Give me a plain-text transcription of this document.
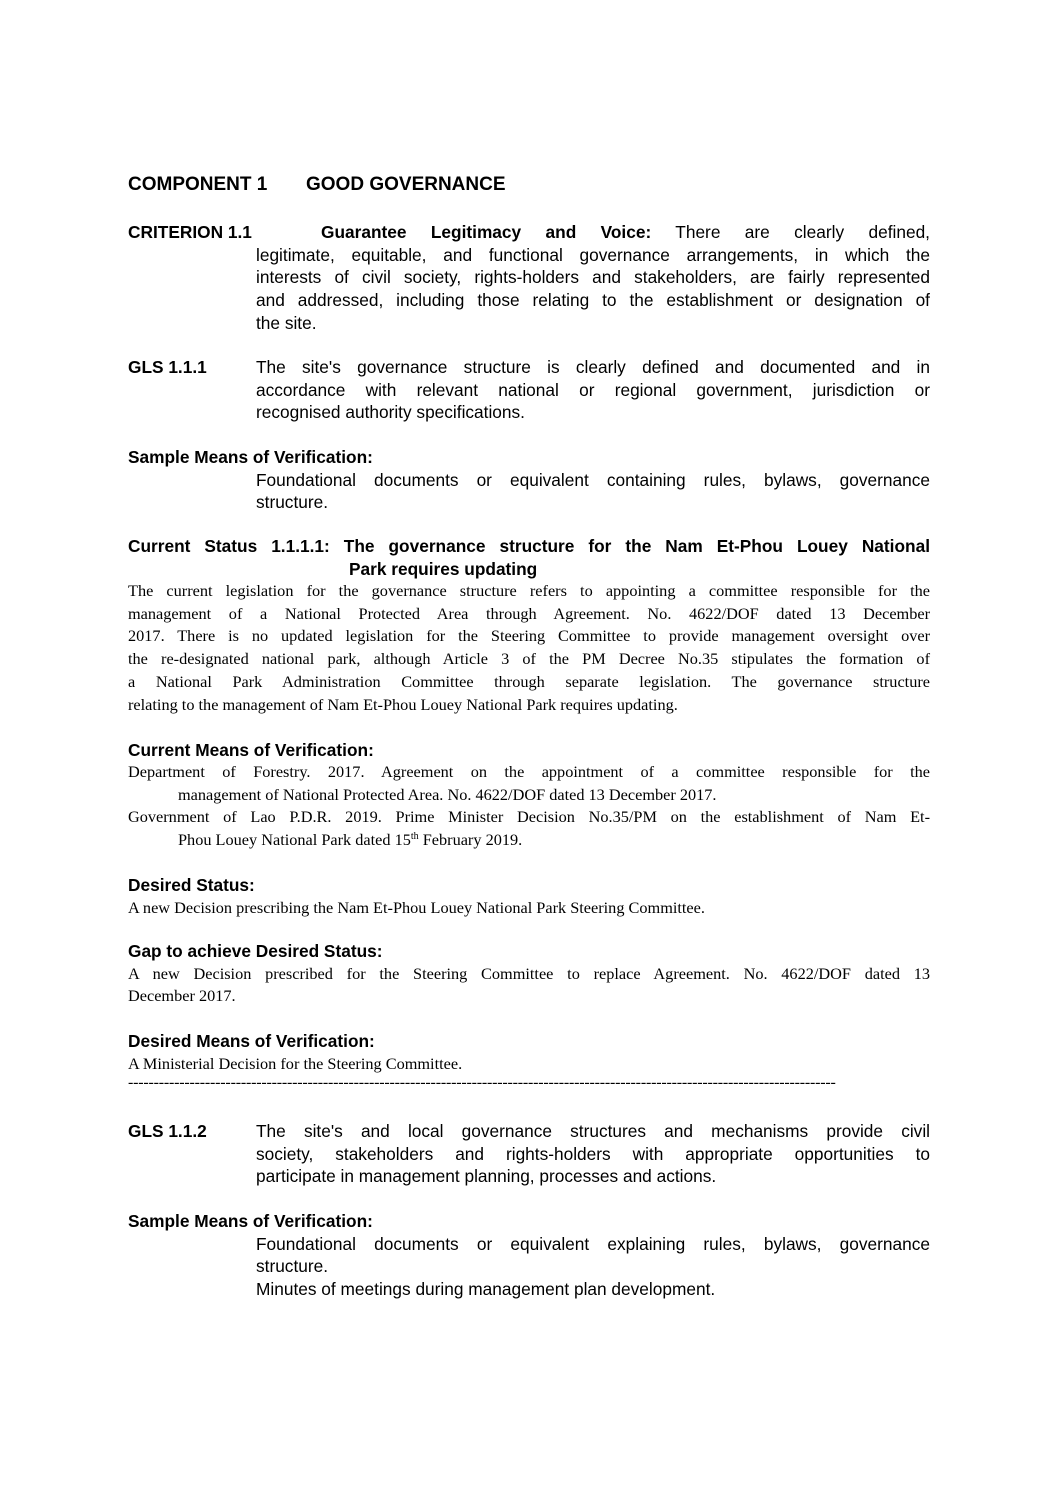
COMPONENT 1 GOOD GOVERNANCE
CRITERION 1.1	Guarantee Legitimacy and Voice: There are clearly defined,
legitimate, equitable, and functional governance arrangements, in which the
interests of civil society, rights-holders and stakeholders, are fairly represented
and addressed, including those relating to the establishment or designation of
the site.
GLS 1.1.1	The site's governance structure is clearly defined and documented and in
accordance with relevant national or regional government, jurisdiction or
recognised authority specifications.
Sample Means of Verification:
Foundational documents or equivalent containing rules, bylaws, governance
structure.
Current Status 1.1.1.1: The governance structure for the Nam Et-Phou Louey National
Park requires updating
The current legislation for the governance structure refers to appointing a committee responsible for the
management of a National Protected Area through Agreement. No. 4622/DOF dated 13 December
2017. There is no updated legislation for the Steering Committee to provide management oversight over
the re-designated national park, although Article 3 of the PM Decree No.35 stipulates the formation of
a National Park Administration Committee through separate legislation. The governance structure
relating to the management of Nam Et-Phou Louey National Park requires updating.
Current Means of Verification:
Department of Forestry. 2017. Agreement on the appointment of a committee responsible for the
management of National Protected Area. No. 4622/DOF dated 13 December 2017.
Government of Lao P.D.R. 2019. Prime Minister Decision No.35/PM on the establishment of Nam Et-
Phou Louey National Park dated 15th February 2019.
Desired Status:
A new Decision prescribing the Nam Et-Phou Louey National Park Steering Committee.
Gap to achieve Desired Status:
A new Decision prescribed for the Steering Committee to replace Agreement. No. 4622/DOF dated 13
December 2017.
Desired Means of Verification:
A Ministerial Decision for the Steering Committee.
------------------------------------------------------------------------------------------------------------------------------------------
GLS 1.1.2	The site's and local governance structures and mechanisms provide civil
society, stakeholders and rights-holders with appropriate opportunities to
participate in management planning, processes and actions.
Sample Means of Verification:
Foundational documents or equivalent explaining rules, bylaws, governance
structure.
Minutes of meetings during management plan development.
